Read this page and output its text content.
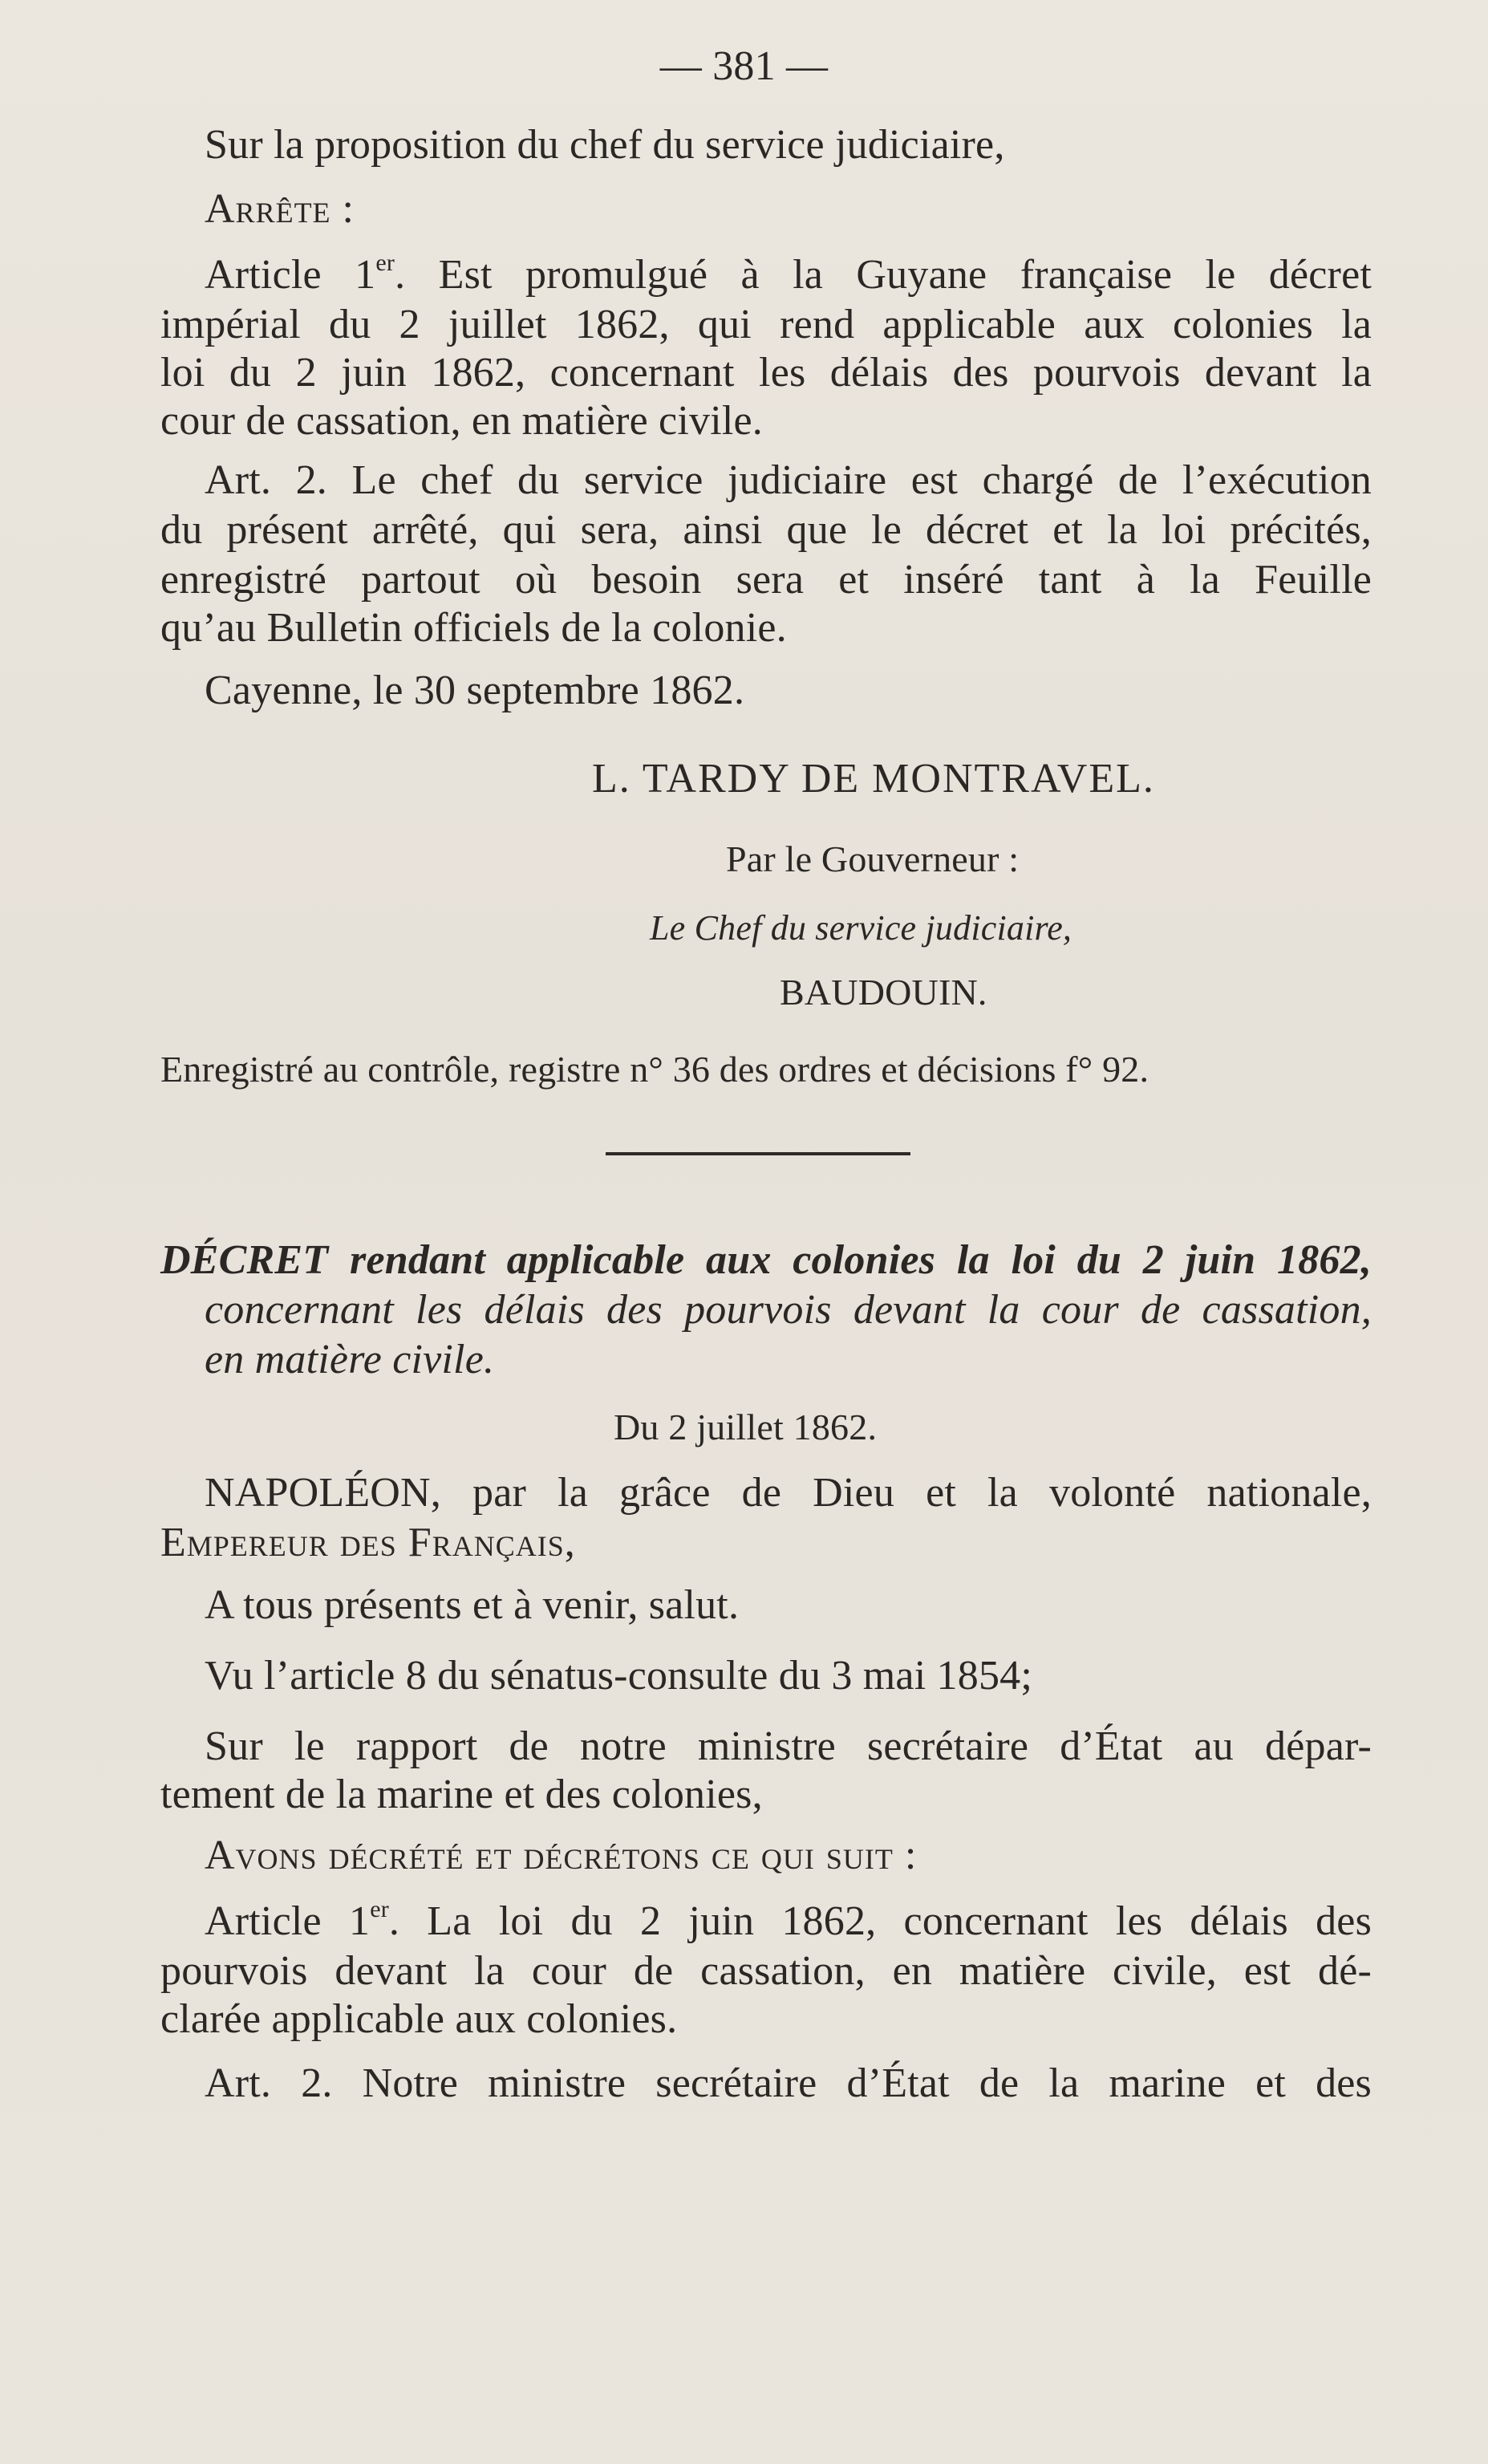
— 381 —
Sur la proposition du chef du service judiciaire,
Arrête :
Article 1er. Est promulgué à la Guyane française le décret
impérial du 2 juillet 1862, qui rend applicable aux colonies la
loi du 2 juin 1862, concernant les délais des pourvois devant la
cour de cassation, en matière civile.
Art. 2. Le chef du service judiciaire est chargé de l’exécution
du présent arrêté, qui sera, ainsi que le décret et la loi précités,
enregistré partout où besoin sera et inséré tant à la Feuille
qu’au Bulletin officiels de la colonie.
Cayenne, le 30 septembre 1862.
L. TARDY DE MONTRAVEL.
Par le Gouverneur :
Le Chef du service judiciaire,
BAUDOUIN.
Enregistré au contrôle, registre n° 36 des ordres et décisions f° 92.
DÉCRET rendant applicable aux colonies la loi du 2 juin 1862,
concernant les délais des pourvois devant la cour de cassation,
en matière civile.
Du 2 juillet 1862.
NAPOLÉON, par la grâce de Dieu et la volonté nationale,
Empereur des Français,
A tous présents et à venir, salut.
Vu l’article 8 du sénatus-consulte du 3 mai 1854;
Sur le rapport de notre ministre secrétaire d’État au dépar-
tement de la marine et des colonies,
Avons décrété et décrétons ce qui suit :
Article 1er. La loi du 2 juin 1862, concernant les délais des
pourvois devant la cour de cassation, en matière civile, est dé-
clarée applicable aux colonies.
Art. 2. Notre ministre secrétaire d’État de la marine et des
